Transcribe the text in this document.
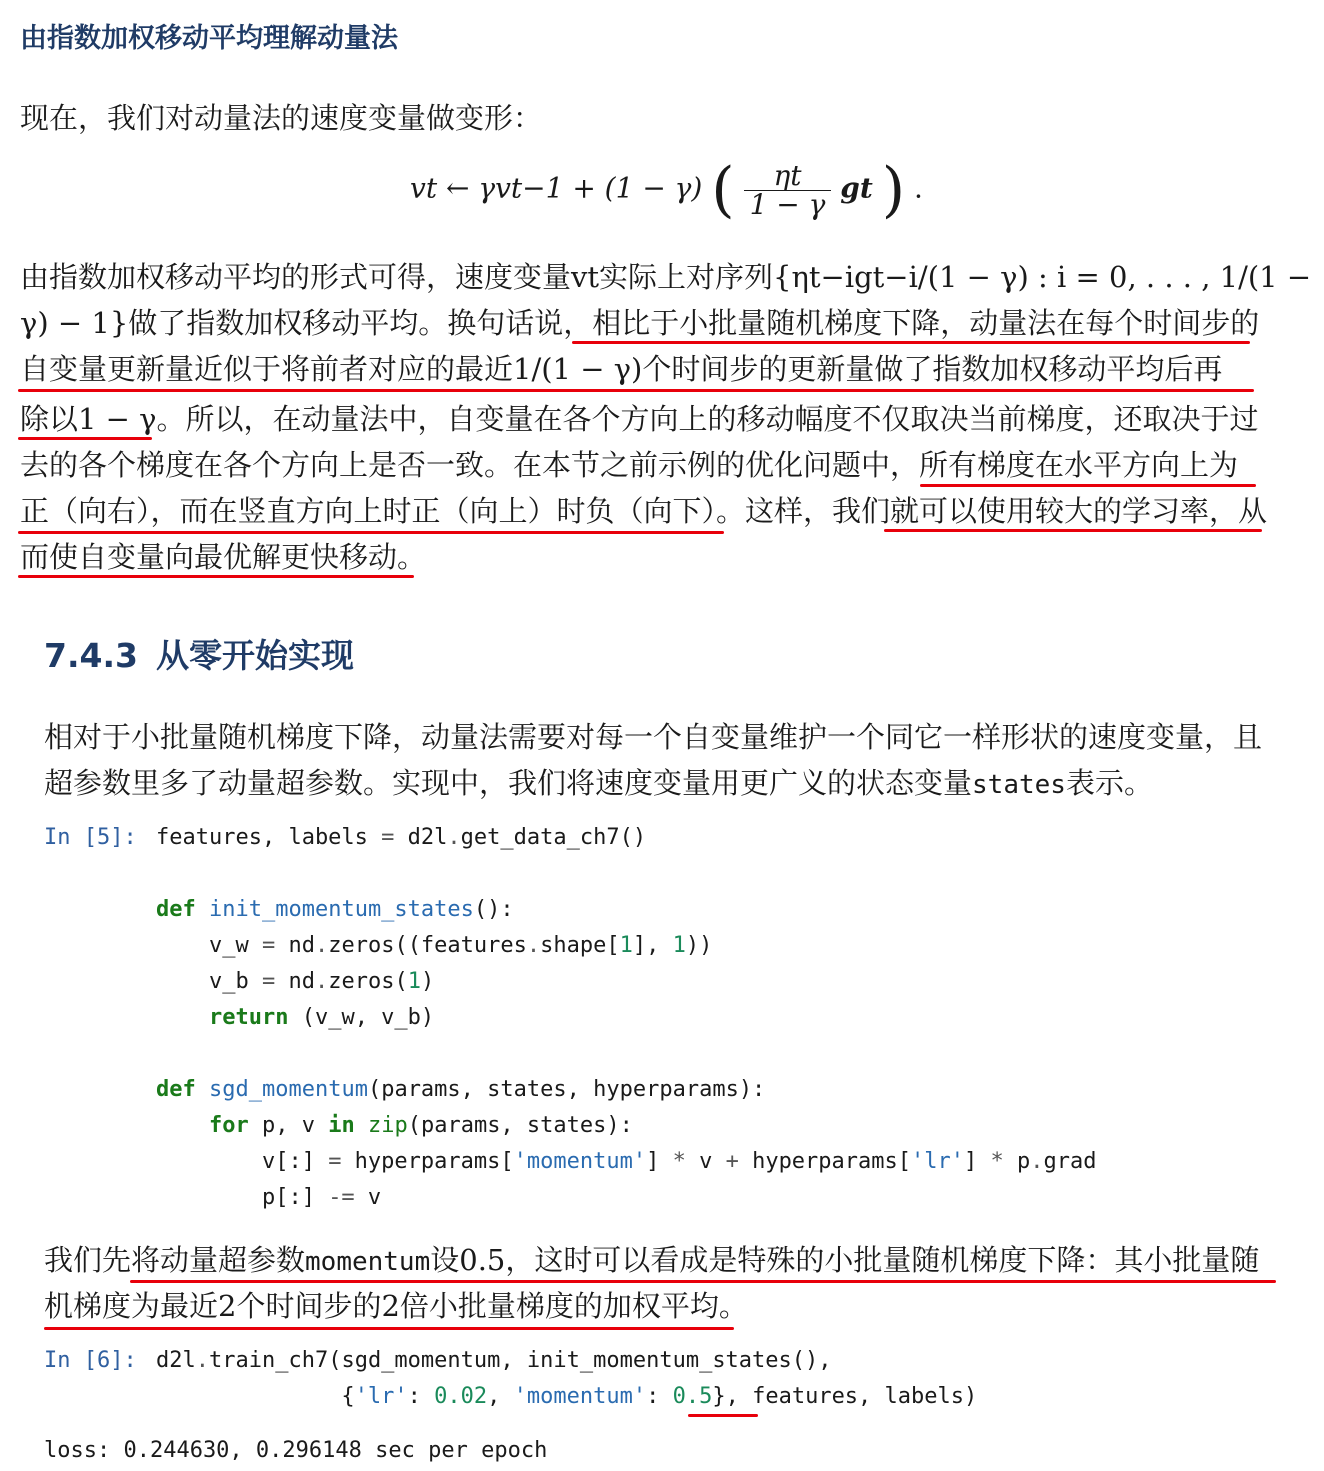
由指数加权移动平均理解动量法
现在，我们对动量法的速度变量做变形：
vt ← γvt−1 + (1 − γ) ( $\frac{\eta t}{1 - \gamma}$ gt ) .
由指数加权移动平均的形式可得，速度变量vt实际上对序列{ηt−igt−i/(1 − γ) : i = 0, . . . , 1/(1 −
γ) − 1}做了指数加权移动平均。换句话说，相比于小批量随机梯度下降，动量法在每个时间步的
自变量更新量近似于将前者对应的最近1/(1 − γ)个时间步的更新量做了指数加权移动平均后再
除以1 − γ。所以，在动量法中，自变量在各个方向上的移动幅度不仅取决当前梯度，还取决于过
去的各个梯度在各个方向上是否一致。在本节之前示例的优化问题中，所有梯度在水平方向上为
正（向右），而在竖直方向上时正（向上）时负（向下）。这样，我们就可以使用较大的学习率，从
而使自变量向最优解更快移动。
7.4.3 从零开始实现
相对于小批量随机梯度下降，动量法需要对每一个自变量维护一个同它一样形状的速度变量，且
超参数里多了动量超参数。实现中，我们将速度变量用更广义的状态变量states表示。
In [5]: features, labels = d2l.get_data_ch7()

def init_momentum_states():
v_w = nd.zeros((features.shape[1], 1))
v_b = nd.zeros(1)
return (v_w, v_b)

def sgd_momentum(params, states, hyperparams):
for p, v in zip(params, states):
v[:] = hyperparams['momentum'] * v + hyperparams['lr'] * p.grad
p[:] -= v
我们先将动量超参数momentum设0.5，这时可以看成是特殊的小批量随机梯度下降：其小批量随
机梯度为最近2个时间步的2倍小批量梯度的加权平均。
In [6]: d2l.train_ch7(sgd_momentum, init_momentum_states(),
{'lr': 0.02, 'momentum': 0.5}, features, labels)
loss: 0.244630, 0.296148 sec per epoch
